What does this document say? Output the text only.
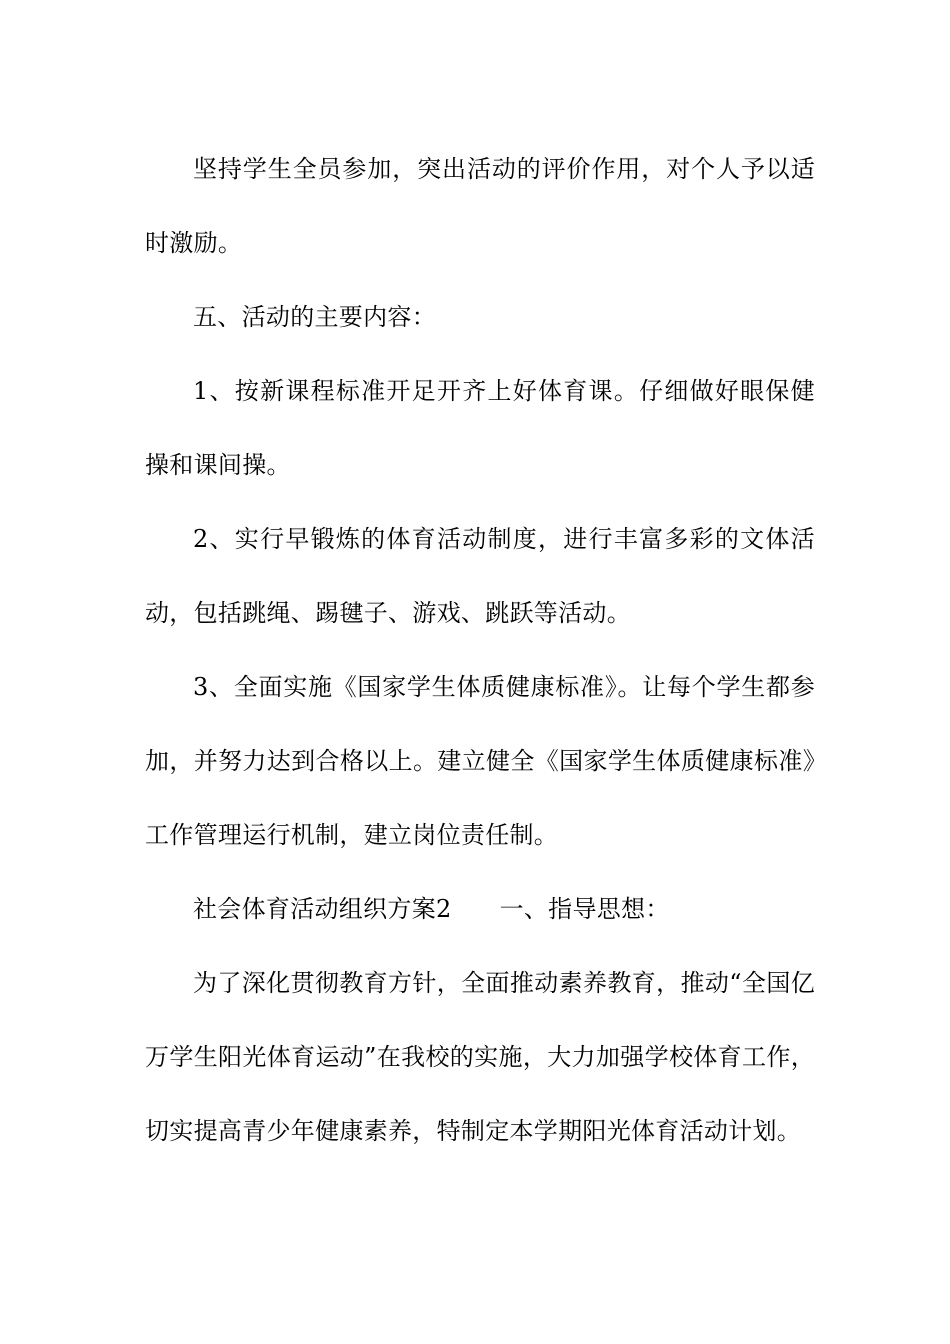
坚持学生全员参加，突出活动的评价作用，对个人予以适时激励。

五、活动的主要内容：

1、按新课程标准开足开齐上好体育课。仔细做好眼保健操和课间操。

2、实行早锻炼的体育活动制度，进行丰富多彩的文体活动，包括跳绳、踢毽子、游戏、跳跃等活动。

3、全面实施《国家学生体质健康标准》。让每个学生都参加，并努力达到合格以上。建立健全《国家学生体质健康标准》工作管理运行机制，建立岗位责任制。

社会体育活动组织方案2 一、指导思想：

为了深化贯彻教育方针，全面推动素养教育，推动“全国亿万学生阳光体育运动”在我校的实施，大力加强学校体育工作，切实提高青少年健康素养，特制定本学期阳光体育活动计划。
